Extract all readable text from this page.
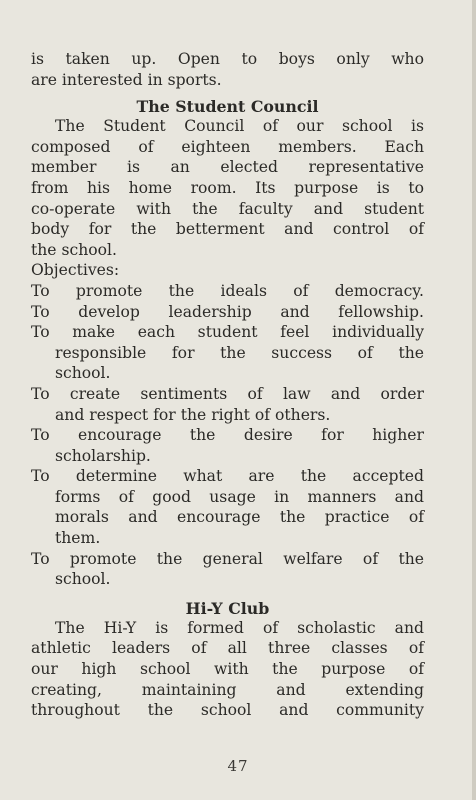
is taken up. Open to boys only who
are interested in sports.
The Student Council
The Student Council of our school is
composed of eighteen members. Each
member is an elected representative
from his home room. Its purpose is to
co-operate with the faculty and student
body for the betterment and control of
the school.
Objectives:
To promote the ideals of democracy.
To develop leadership and fellowship.
To make each student feel individually
responsible for the success of the
school.
To create sentiments of law and order
and respect for the right of others.
To encourage the desire for higher
scholarship.
To determine what are the accepted
forms of good usage in manners and
morals and encourage the practice of
them.
To promote the general welfare of the
school.
Hi-Y Club
The Hi-Y is formed of scholastic and
athletic leaders of all three classes of
our high school with the purpose of
creating, maintaining and extending
throughout the school and community
47
